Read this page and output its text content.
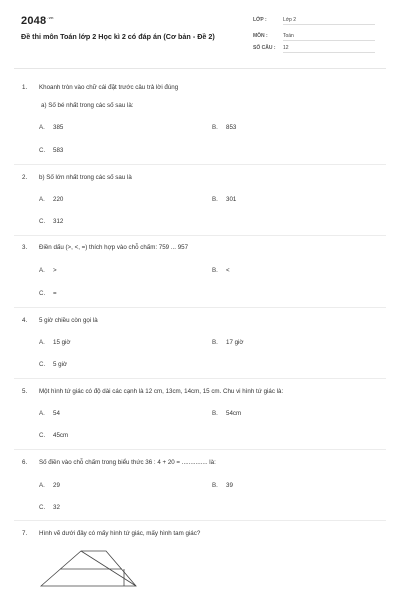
$2048^{.vn}$
Đề thi môn Toán lớp 2 Học kì 2 có đáp án (Cơ bản - Đề 2)
LỚP :	Lớp 2
MÔN :	Toán
SỐ CÂU :	12
1. Khoanh tròn vào chữ cái đặt trước câu trả lời đúng
a) Số bé nhất trong các số sau là:
A. 385	B. 853
C. 583
2. b) Số lớn nhất trong các số sau là
A. 220	B. 301
C. 312
3. Điền dấu (>, <, =) thích hợp vào chỗ chấm: 759 ... 957
A. >	B. <
C. =
4. 5 giờ chiều còn gọi là
A. 15 giờ	B. 17 giờ
C. 5 giờ
5. Một hình tứ giác có độ dài các cạnh là 12 cm, 13cm, 14cm, 15 cm. Chu vi hình tứ giác là:
A. 54	B. 54cm
C. 45cm
6. Số điền vào chỗ chấm trong biểu thức 36 : 4 + 20 = ............... là:
A. 29	B. 39
C. 32
7. Hình vẽ dưới đây có mấy hình tứ giác, mấy hình tam giác?
